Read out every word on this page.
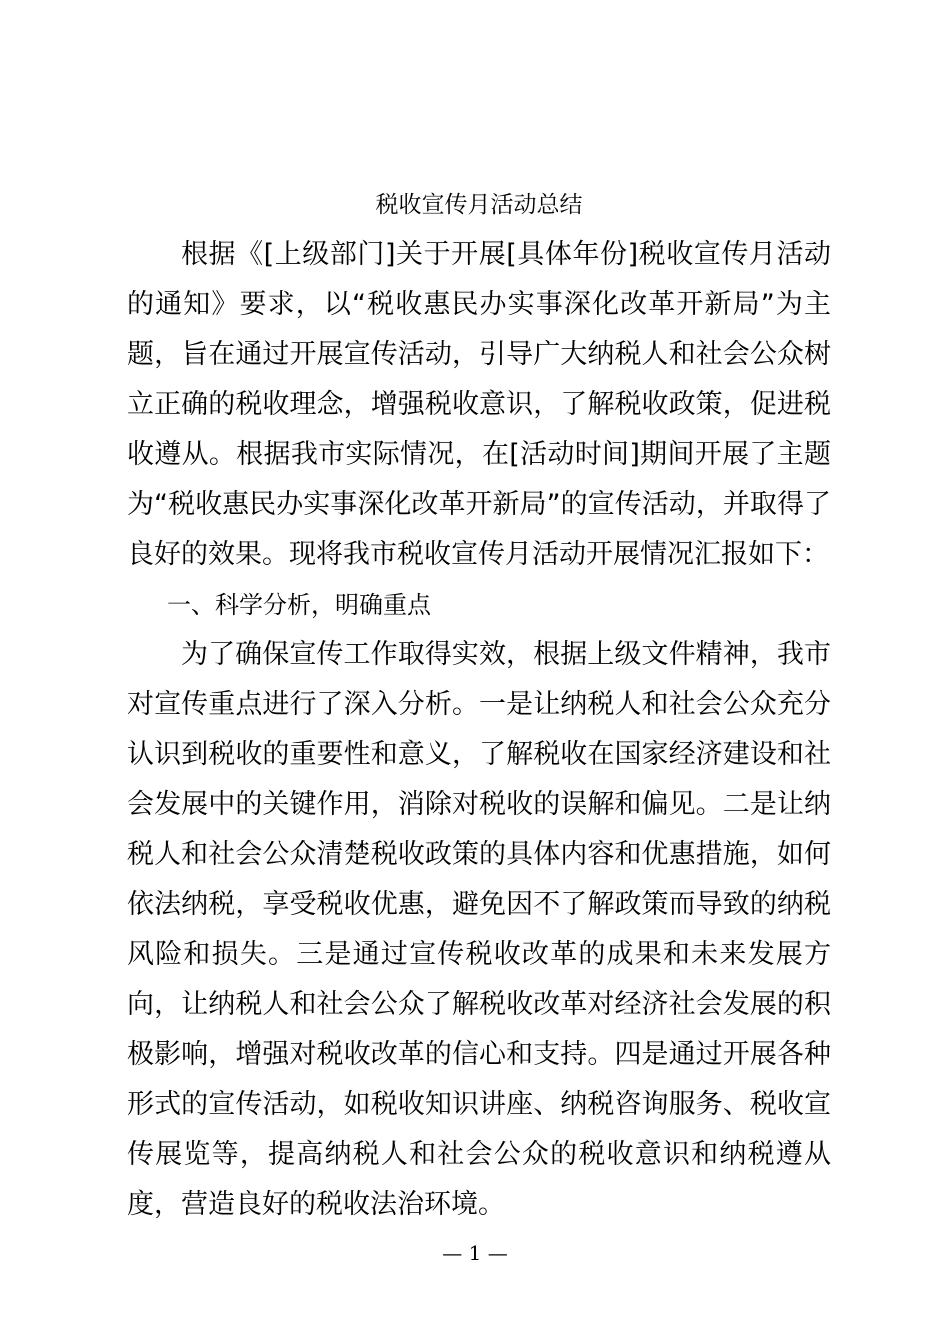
税收宣传月活动总结

根据《[上级部门]关于开展[具体年份]税收宣传月活动的通知》要求，以“税收惠民办实事深化改革开新局”为主题，旨在通过开展宣传活动，引导广大纳税人和社会公众树立正确的税收理念，增强税收意识，了解税收政策，促进税收遵从。根据我市实际情况，在[活动时间]期间开展了主题为“税收惠民办实事深化改革开新局”的宣传活动，并取得了良好的效果。现将我市税收宣传月活动开展情况汇报如下：

一、科学分析，明确重点

为了确保宣传工作取得实效，根据上级文件精神，我市对宣传重点进行了深入分析。一是让纳税人和社会公众充分认识到税收的重要性和意义，了解税收在国家经济建设和社会发展中的关键作用，消除对税收的误解和偏见。二是让纳税人和社会公众清楚税收政策的具体内容和优惠措施，如何依法纳税，享受税收优惠，避免因不了解政策而导致的纳税风险和损失。三是通过宣传税收改革的成果和未来发展方向，让纳税人和社会公众了解税收改革对经济社会发展的积极影响，增强对税收改革的信心和支持。四是通过开展各种形式的宣传活动，如税收知识讲座、纳税咨询服务、税收宣传展览等，提高纳税人和社会公众的税收意识和纳税遵从度，营造良好的税收法治环境。

— 1 —
